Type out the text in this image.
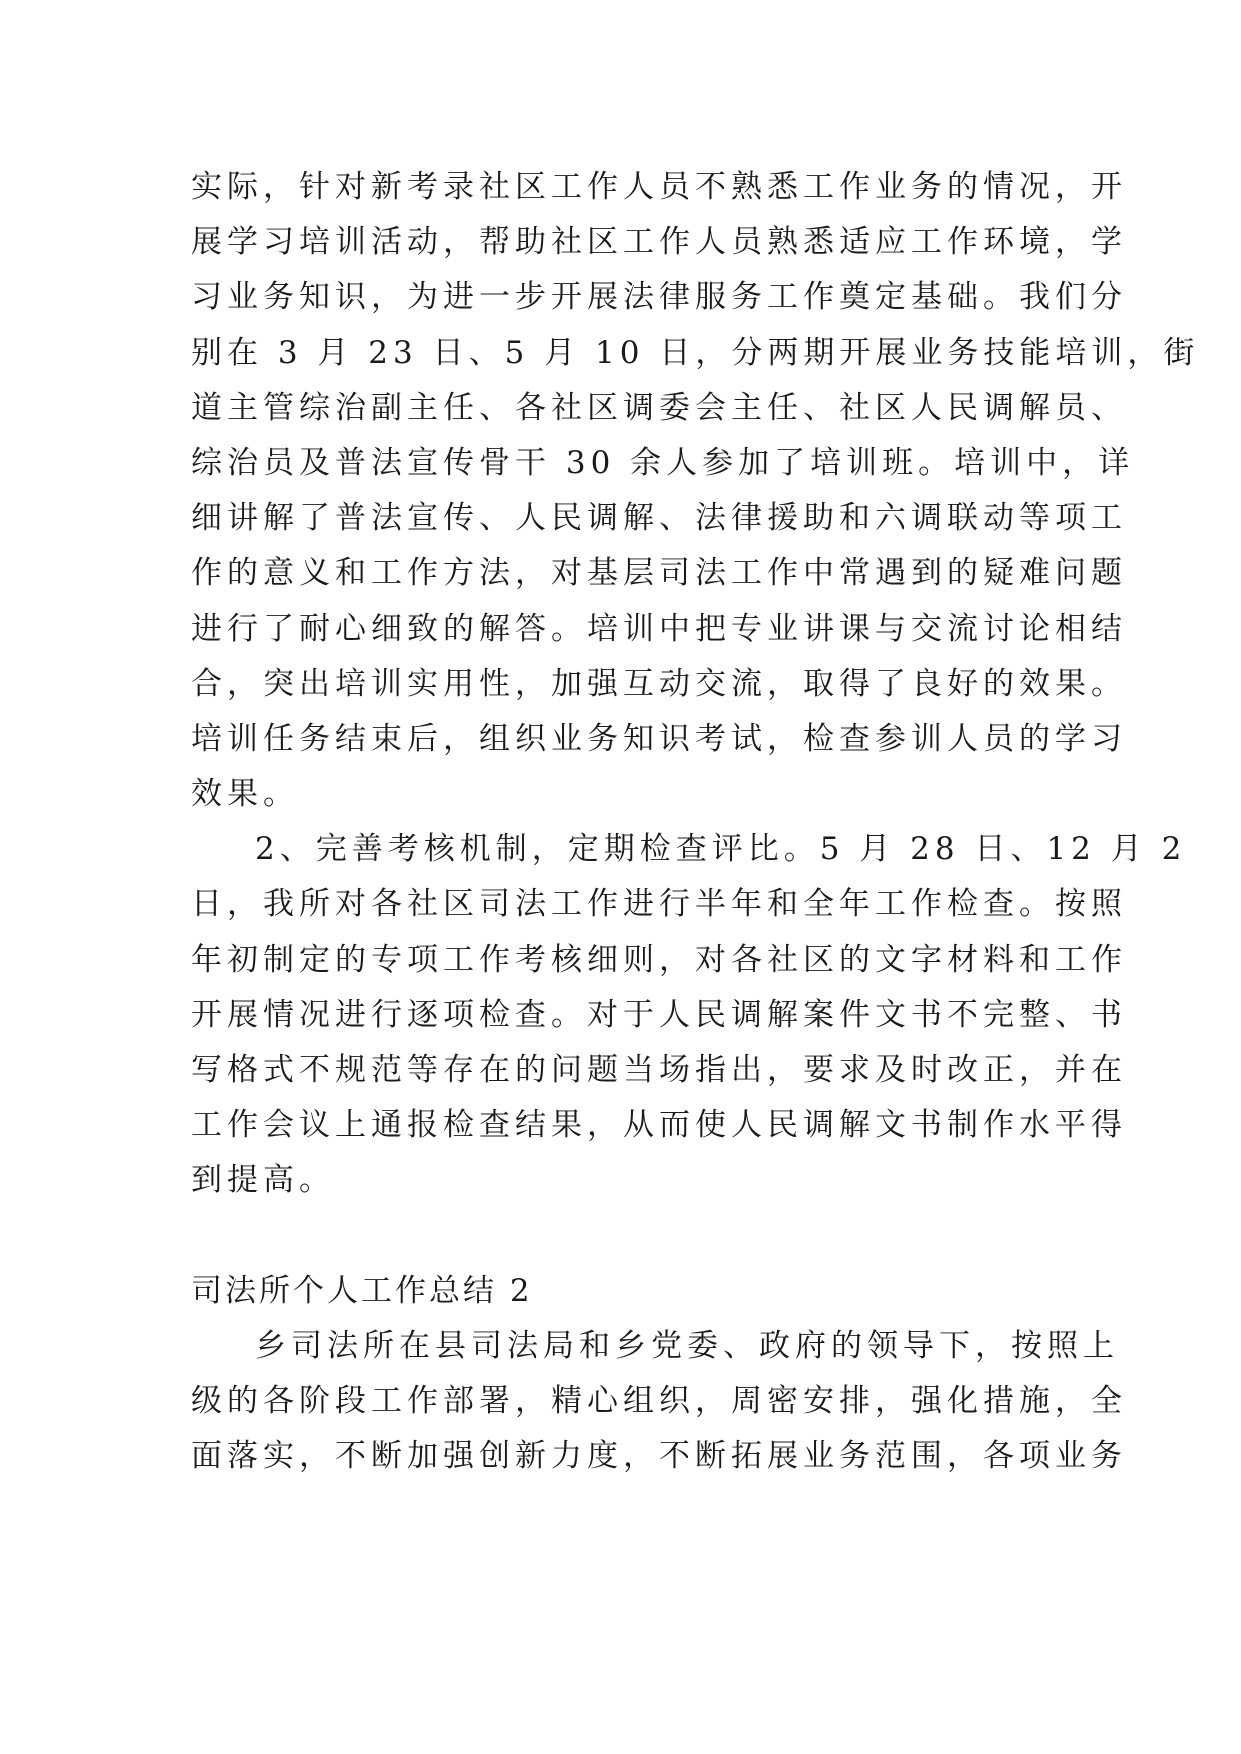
实际，针对新考录社区工作人员不熟悉工作业务的情况，开
展学习培训活动，帮助社区工作人员熟悉适应工作环境，学
习业务知识，为进一步开展法律服务工作奠定基础。我们分
别在 3 月 23 日、5 月 10 日，分两期开展业务技能培训，街
道主管综治副主任、各社区调委会主任、社区人民调解员、
综治员及普法宣传骨干 30 余人参加了培训班。培训中，详
细讲解了普法宣传、人民调解、法律援助和六调联动等项工
作的意义和工作方法，对基层司法工作中常遇到的疑难问题
进行了耐心细致的解答。培训中把专业讲课与交流讨论相结
合，突出培训实用性，加强互动交流，取得了良好的效果。
培训任务结束后，组织业务知识考试，检查参训人员的学习
效果。
2、完善考核机制，定期检查评比。5 月 28 日、12 月 2
日，我所对各社区司法工作进行半年和全年工作检查。按照
年初制定的专项工作考核细则，对各社区的文字材料和工作
开展情况进行逐项检查。对于人民调解案件文书不完整、书
写格式不规范等存在的问题当场指出，要求及时改正，并在
工作会议上通报检查结果，从而使人民调解文书制作水平得
到提高。
司法所个人工作总结 2
乡司法所在县司法局和乡党委、政府的领导下，按照上
级的各阶段工作部署，精心组织，周密安排，强化措施，全
面落实，不断加强创新力度，不断拓展业务范围，各项业务
